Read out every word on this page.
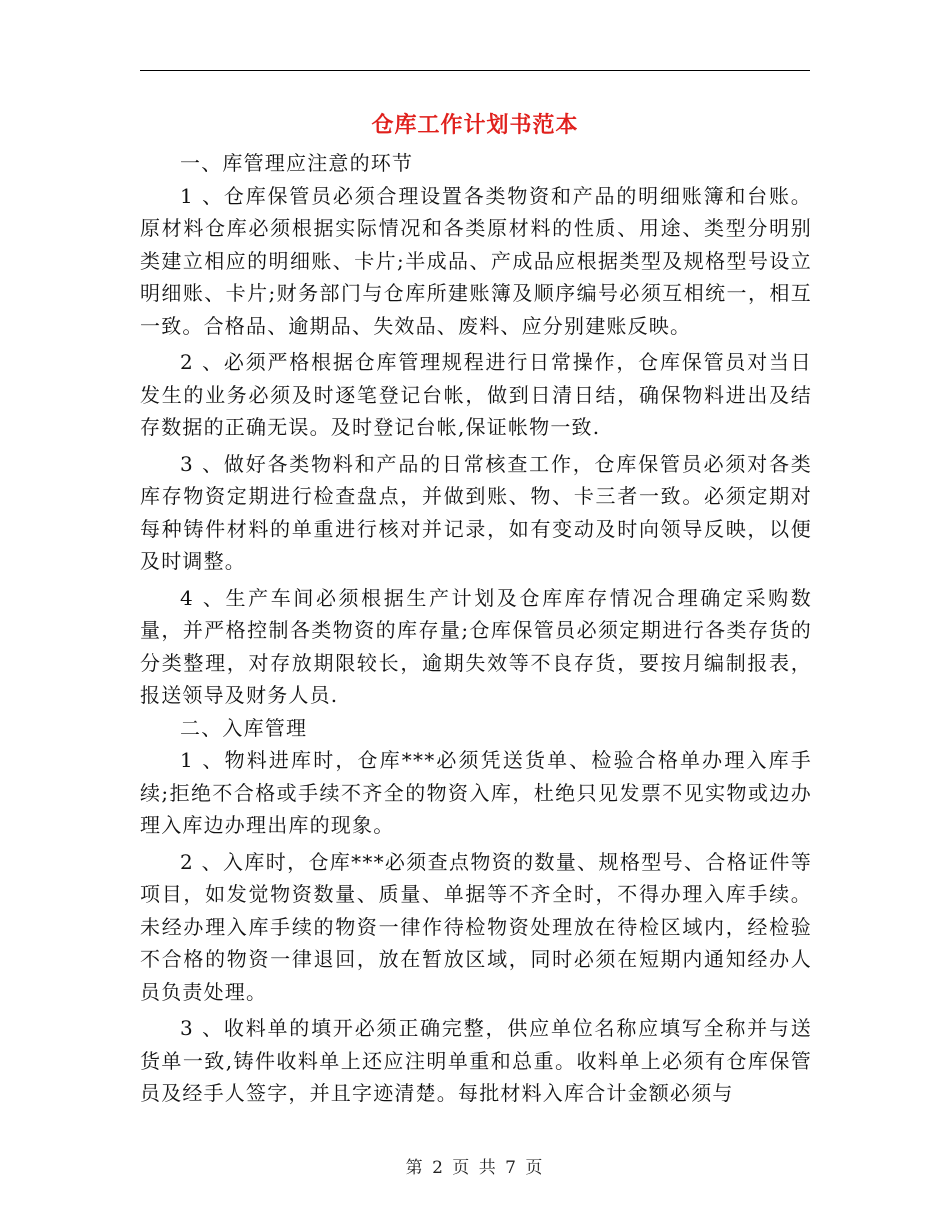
仓库工作计划书范本

一、库管理应注意的环节

1 、仓库保管员必须合理设置各类物资和产品的明细账簿和台账。原材料仓库必须根据实际情况和各类原材料的性质、用途、类型分明别类建立相应的明细账、卡片;半成品、产成品应根据类型及规格型号设立明细账、卡片;财务部门与仓库所建账簿及顺序编号必须互相统一，相互一致。合格品、逾期品、失效品、废料、应分别建账反映。

2 、必须严格根据仓库管理规程进行日常操作，仓库保管员对当日发生的业务必须及时逐笔登记台帐，做到日清日结，确保物料进出及结存数据的正确无误。及时登记台帐,保证帐物一致.

3 、做好各类物料和产品的日常核查工作，仓库保管员必须对各类库存物资定期进行检查盘点，并做到账、物、卡三者一致。必须定期对每种铸件材料的单重进行核对并记录，如有变动及时向领导反映，以便及时调整。

4 、生产车间必须根据生产计划及仓库库存情况合理确定采购数量，并严格控制各类物资的库存量;仓库保管员必须定期进行各类存货的分类整理，对存放期限较长，逾期失效等不良存货，要按月编制报表，报送领导及财务人员.

二、入库管理

1 、物料进库时，仓库***必须凭送货单、检验合格单办理入库手续;拒绝不合格或手续不齐全的物资入库，杜绝只见发票不见实物或边办理入库边办理出库的现象。

2 、入库时，仓库***必须查点物资的数量、规格型号、合格证件等项目，如发觉物资数量、质量、单据等不齐全时，不得办理入库手续。未经办理入库手续的物资一律作待检物资处理放在待检区域内，经检验不合格的物资一律退回，放在暂放区域，同时必须在短期内通知经办人员负责处理。

3 、收料单的填开必须正确完整，供应单位名称应填写全称并与送货单一致,铸件收料单上还应注明单重和总重。收料单上必须有仓库保管员及经手人签字，并且字迹清楚。每批材料入库合计金额必须与

第 2 页 共 7 页
